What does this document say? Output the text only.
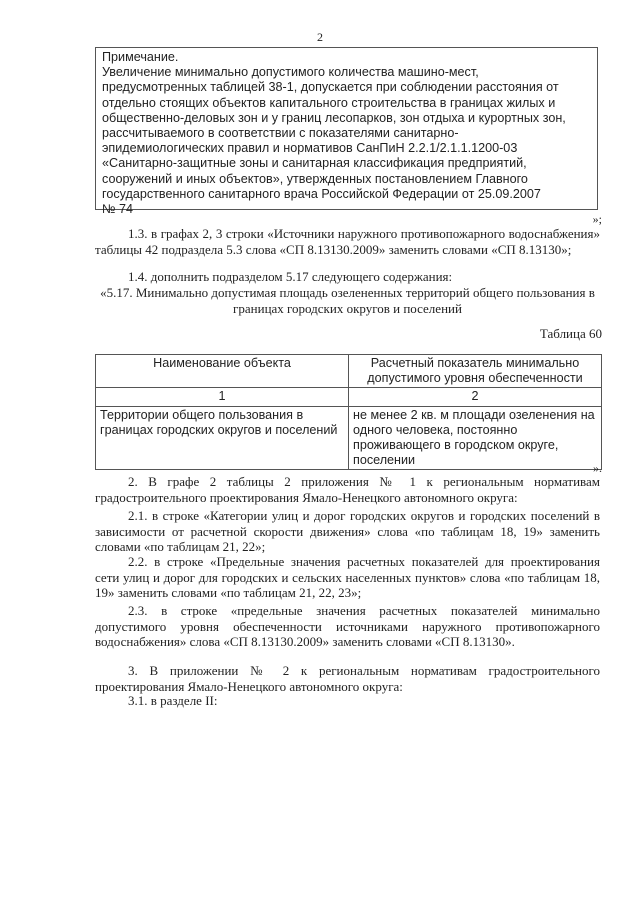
2
Примечание.
Увеличение минимально допустимого количества машино-мест,
предусмотренных таблицей 38-1, допускается при соблюдении расстояния от
отдельно стоящих объектов капитального строительства в границах жилых и
общественно-деловых зон и у границ лесопарков, зон отдыха и курортных зон,
рассчитываемого в соответствии с показателями санитарно-
эпидемиологических правил и нормативов СанПиН 2.2.1/2.1.1.1200-03
«Санитарно-защитные зоны и санитарная классификация предприятий,
сооружений и иных объектов», утвержденных постановлением Главного
государственного санитарного врача Российской Федерации от 25.09.2007
№ 74
»;
1.3. в графах 2, 3 строки «Источники наружного противопожарного водоснабжения» таблицы 42 подраздела 5.3 слова «СП 8.13130.2009» заменить словами «СП 8.13130»;
1.4. дополнить подразделом 5.17 следующего содержания:
«5.17. Минимально допустимая площадь озелененных территорий общего пользования в границах городских округов и поселений
Таблица 60
Наименование объекта	Расчетный показатель минимально допустимого уровня обеспеченности
1	2
Территории общего пользования в границах городских округов и поселений	не менее 2 кв. м площади озеленения на одного человека, постоянно проживающего в городском округе, поселении
».
2. В графе 2 таблицы 2 приложения № 1 к региональным нормативам градостроительного проектирования Ямало-Ненецкого автономного округа:
2.1. в строке «Категории улиц и дорог городских округов и городских поселений в зависимости от расчетной скорости движения» слова «по таблицам 18, 19» заменить словами «по таблицам 21, 22»;
2.2. в строке «Предельные значения расчетных показателей для проектирования сети улиц и дорог для городских и сельских населенных пунктов» слова «по таблицам 18, 19» заменить словами «по таблицам 21, 22, 23»;
2.3. в строке «предельные значения расчетных показателей минимально допустимого уровня обеспеченности источниками наружного противопожарного водоснабжения» слова «СП 8.13130.2009» заменить словами «СП 8.13130».
3. В приложении № 2 к региональным нормативам градостроительного проектирования Ямало-Ненецкого автономного округа:
3.1. в разделе II:
